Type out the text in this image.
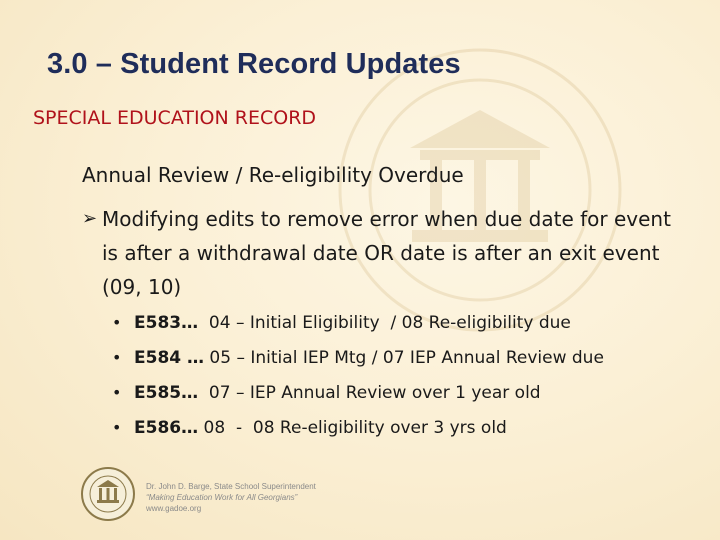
3.0 – Student Record Updates
SPECIAL EDUCATION RECORD
Annual Review / Re-eligibility Overdue
➢ Modifying edits to remove error when due date for event is after a withdrawal date OR date is after an exit event (09, 10)
• E583…  04 – Initial Eligibility  / 08 Re-eligibility due
• E584 … 05 – Initial IEP Mtg / 07 IEP Annual Review due
• E585…  07 – IEP Annual Review over 1 year old
• E586… 08  -  08 Re-eligibility over 3 yrs old
Dr. John D. Barge, State School Superintendent
“Making Education Work for All Georgians”
www.gadoe.org
